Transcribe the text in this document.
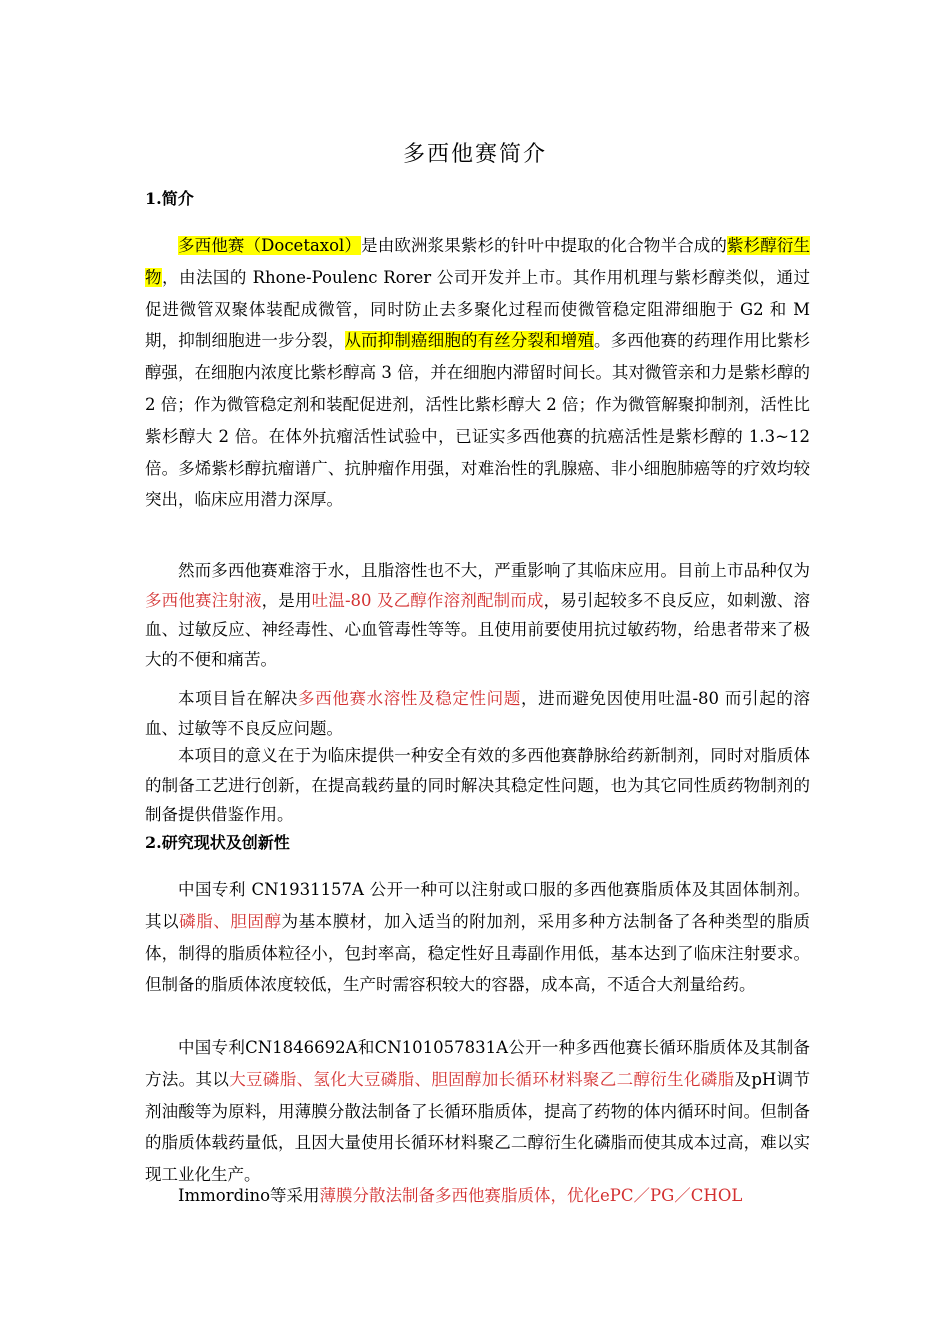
多西他赛简介
1.简介

多西他赛（Docetaxol）是由欧洲浆果紫杉的针叶中提取的化合物半合成的紫杉醇衍生物，由法国的 Rhone-Poulenc Rorer 公司开发并上市。其作用机理与紫杉醇类似，通过促进微管双聚体装配成微管，同时防止去多聚化过程而使微管稳定阻滞细胞于 G2 和 M 期，抑制细胞进一步分裂，从而抑制癌细胞的有丝分裂和增殖。多西他赛的药理作用比紫杉醇强，在细胞内浓度比紫杉醇高 3 倍，并在细胞内滞留时间长。其对微管亲和力是紫杉醇的 2 倍；作为微管稳定剂和装配促进剂，活性比紫杉醇大 2 倍；作为微管解聚抑制剂，活性比紫杉醇大 2 倍。在体外抗瘤活性试验中，已证实多西他赛的抗癌活性是紫杉醇的 1.3~12 倍。多烯紫杉醇抗瘤谱广、抗肿瘤作用强，对难治性的乳腺癌、非小细胞肺癌等的疗效均较突出，临床应用潜力深厚。

然而多西他赛难溶于水，且脂溶性也不大，严重影响了其临床应用。目前上市品种仅为多西他赛注射液，是用吐温-80 及乙醇作溶剂配制而成，易引起较多不良反应，如刺激、溶血、过敏反应、神经毒性、心血管毒性等等。且使用前要使用抗过敏药物，给患者带来了极大的不便和痛苦。

本项目旨在解决多西他赛水溶性及稳定性问题，进而避免因使用吐温-80 而引起的溶血、过敏等不良反应问题。

本项目的意义在于为临床提供一种安全有效的多西他赛静脉给药新制剂，同时对脂质体的制备工艺进行创新，在提高载药量的同时解决其稳定性问题，也为其它同性质药物制剂的制备提供借鉴作用。

2.研究现状及创新性

中国专利 CN1931157A 公开一种可以注射或口服的多西他赛脂质体及其固体制剂。其以磷脂、胆固醇为基本膜材，加入适当的附加剂，采用多种方法制备了各种类型的脂质体，制得的脂质体粒径小，包封率高，稳定性好且毒副作用低，基本达到了临床注射要求。但制备的脂质体浓度较低，生产时需容积较大的容器，成本高，不适合大剂量给药。

中国专利CN1846692A和CN101057831A公开一种多西他赛长循环脂质体及其制备方法。其以大豆磷脂、氢化大豆磷脂、胆固醇加长循环材料聚乙二醇衍生化磷脂及pH调节剂油酸等为原料，用薄膜分散法制备了长循环脂质体，提高了药物的体内循环时间。但制备的脂质体载药量低，且因大量使用长循环材料聚乙二醇衍生化磷脂而使其成本过高，难以实现工业化生产。

Immordino等采用薄膜分散法制备多西他赛脂质体，优化ePC／PG／CHOL
